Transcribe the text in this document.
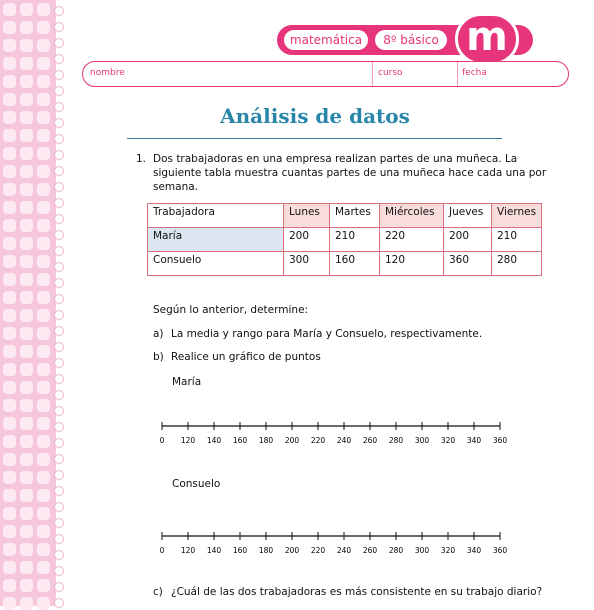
matemática	8º básico m
nombre	curso	fecha
Análisis de datos
1. Dos trabajadoras en una empresa realizan partes de una muñeca. La
siguiente tabla muestra cuantas partes de una muñeca hace cada una por
semana.
Trabajadora	Lunes	Martes	Miércoles	Jueves	Viernes
María	200	210	220	200	210
Consuelo	300	160	120	360	280
Según lo anterior, determine:
a) La media y rango para María y Consuelo, respectivamente.
b) Realice un gráfico de puntos
María
0 120 140 160 180 200 220 240 260 280 300 320 340 360
Consuelo
0 120 140 160 180 200 220 240 260 280 300 320 340 360
c) ¿Cuál de las dos trabajadoras es más consistente en su trabajo diario?
